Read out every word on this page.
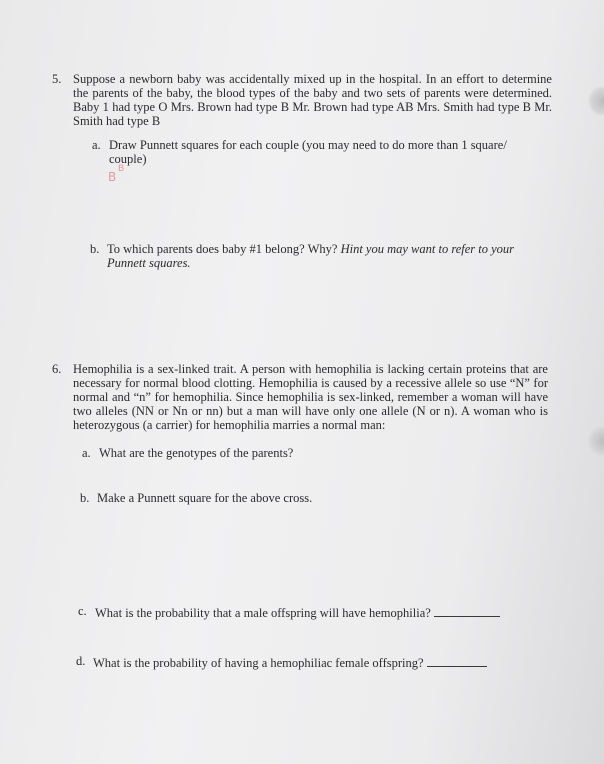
5. Suppose a newborn baby was accidentally mixed up in the hospital. In an effort to determine the parents of the baby, the blood types of the baby and two sets of parents were determined. Baby 1 had type O Mrs. Brown had type B Mr. Brown had type AB Mrs. Smith had type B Mr. Smith had type B
a. Draw Punnett squares for each couple (you may need to do more than 1 square/ couple)
B
B
b. To which parents does baby #1 belong? Why? Hint you may want to refer to your Punnett squares.
6. Hemophilia is a sex-linked trait. A person with hemophilia is lacking certain proteins that are necessary for normal blood clotting. Hemophilia is caused by a recessive allele so use “N” for normal and “n” for hemophilia. Since hemophilia is sex-linked, remember a woman will have two alleles (NN or Nn or nn) but a man will have only one allele (N or n). A woman who is heterozygous (a carrier) for hemophilia marries a normal man:
a. What are the genotypes of the parents?
b. Make a Punnett square for the above cross.
c. What is the probability that a male offspring will have hemophilia?
d. What is the probability of having a hemophiliac female offspring?
